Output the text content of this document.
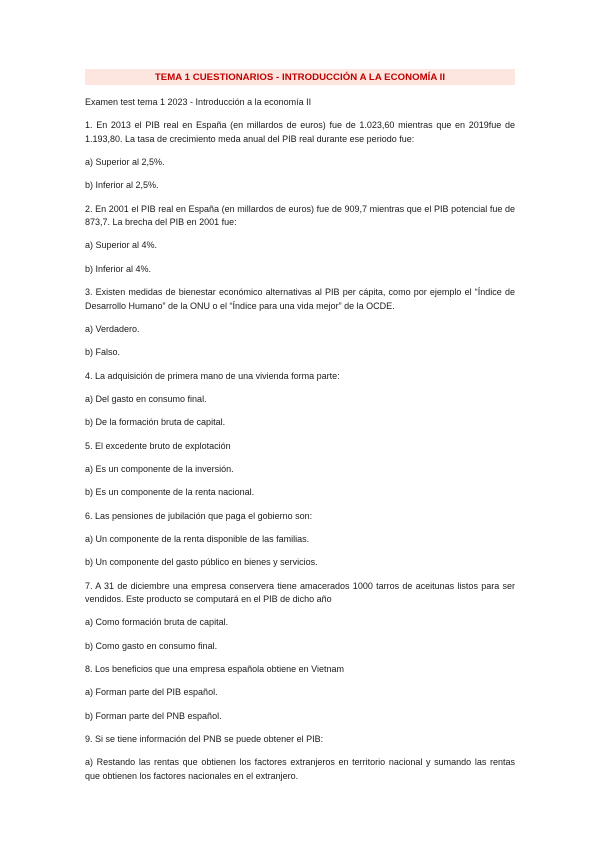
TEMA 1 CUESTIONARIOS - INTRODUCCIÓN A LA ECONOMÍA II
Examen test tema 1 2023 - Introducción a la economía II

1. En 2013 el PIB real en España (en millardos de euros) fue de 1.023,60 mientras que en 2019fue de 1.193,80. La tasa de crecimiento meda anual del PIB real durante ese periodo fue:

a) Superior al 2,5%.

b) Inferior al 2,5%.

2. En 2001 el PIB real en España (en millardos de euros) fue de 909,7 mientras que el PIB potencial fue de 873,7. La brecha del PIB en 2001 fue:

a) Superior al 4%.

b) Inferior al 4%.

3. Existen medidas de bienestar económico alternativas al PIB per cápita, como por ejemplo el “Índice de Desarrollo Humano” de la ONU o el “Índice para una vida mejor” de la OCDE.

a) Verdadero.

b) Falso.

4. La adquisición de primera mano de una vivienda forma parte:

a) Del gasto en consumo final.

b) De la formación bruta de capital.

5. El excedente bruto de explotación

a) Es un componente de la inversión.

b) Es un componente de la renta nacional.

6. Las pensiones de jubilación que paga el gobierno son:

a) Un componente de la renta disponible de las familias.

b) Un componente del gasto público en bienes y servicios.

7. A 31 de diciembre una empresa conservera tiene amacerados 1000 tarros de aceitunas listos para ser vendidos. Este producto se computará en el PIB de dicho año

a) Como formación bruta de capital.

b) Como gasto en consumo final.

8. Los beneficios que una empresa española obtiene en Vietnam

a) Forman parte del PIB español.

b) Forman parte del PNB español.

9. Si se tiene información del PNB se puede obtener el PIB:

a) Restando las rentas que obtienen los factores extranjeros en territorio nacional y sumando las rentas que obtienen los factores nacionales en el extranjero.
